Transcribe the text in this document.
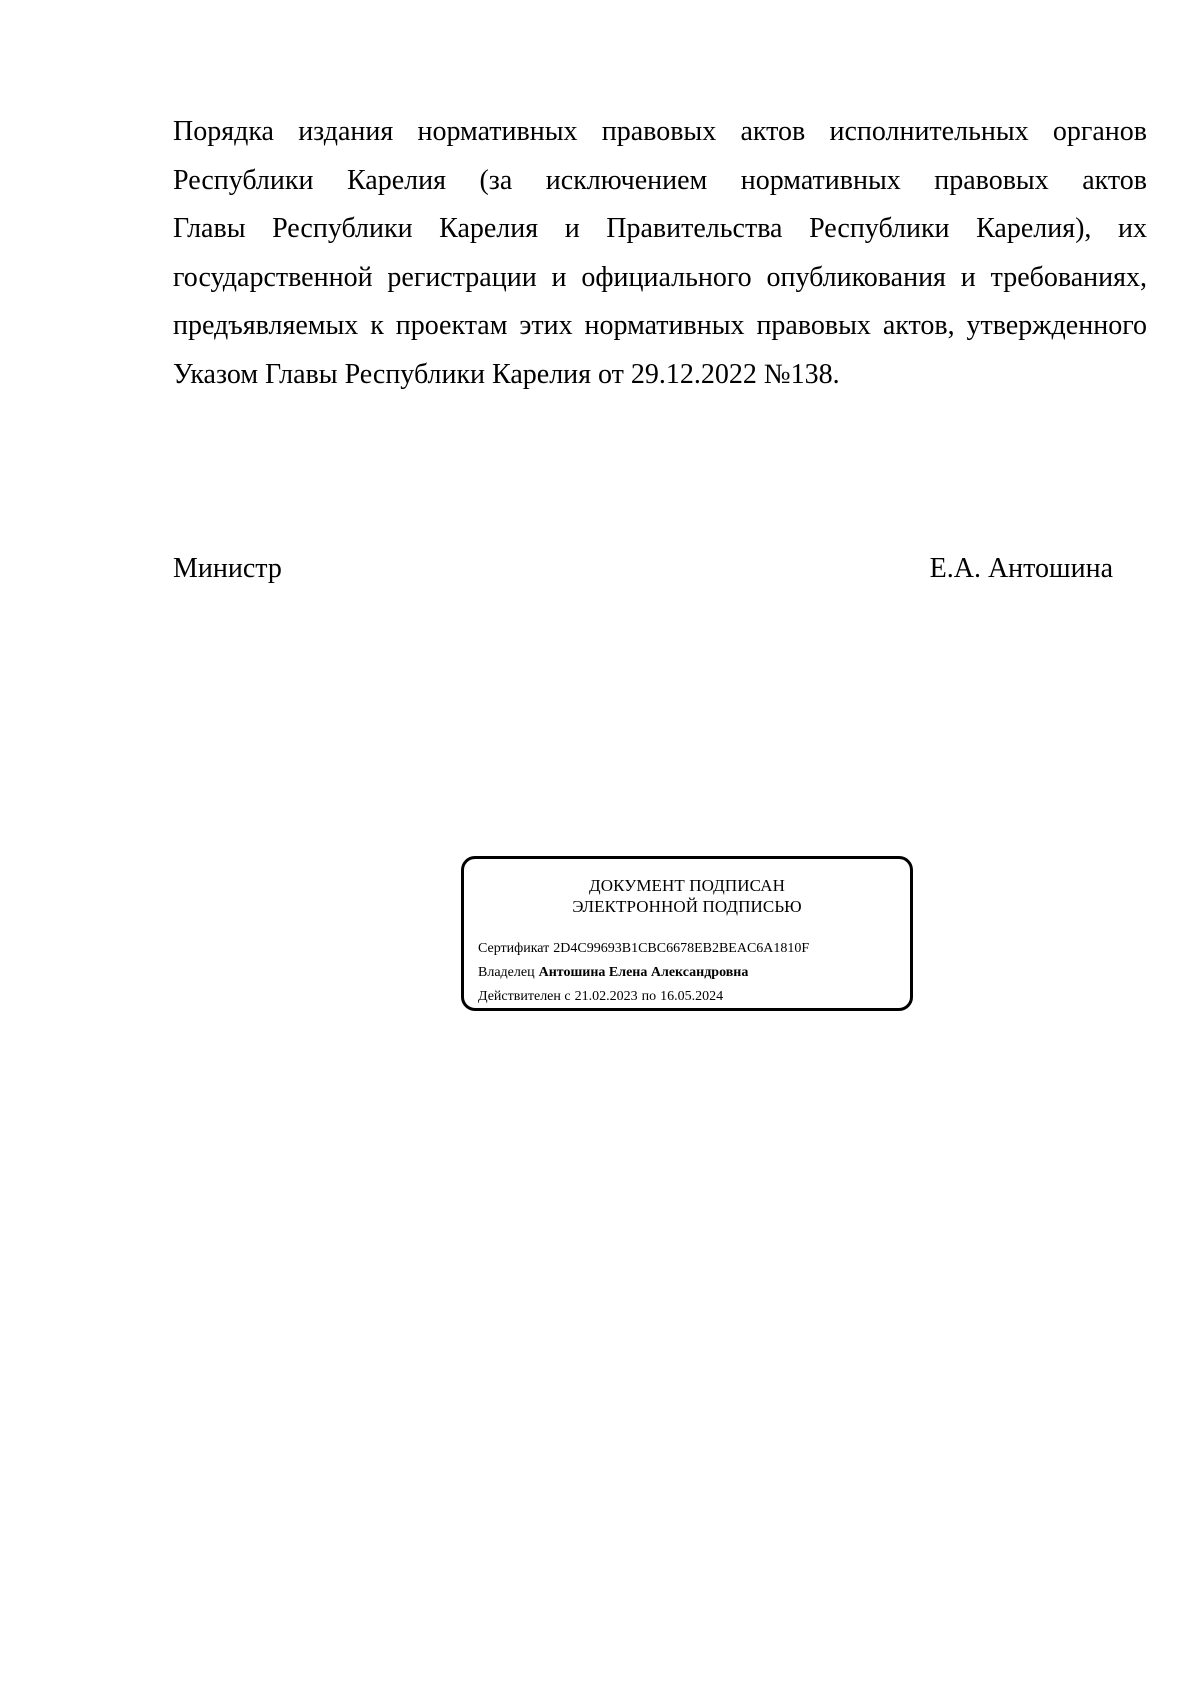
Порядка издания нормативных правовых актов исполнительных органов
Республики Карелия (за исключением нормативных правовых актов
Главы Республики Карелия и Правительства Республики Карелия), их
государственной регистрации и официального опубликования и требованиях,
предъявляемых к проектам этих нормативных правовых актов, утвержденного
Указом Главы Республики Карелия от 29.12.2022 №138.

Министр	Е.А. Антошина
ДОКУМЕНТ ПОДПИСАН
ЭЛЕКТРОННОЙ ПОДПИСЬЮ
Сертификат 2D4C99693B1CBC6678EB2BEAC6A1810F
Владелец Антошина Елена Александровна
Действителен с 21.02.2023 по 16.05.2024
